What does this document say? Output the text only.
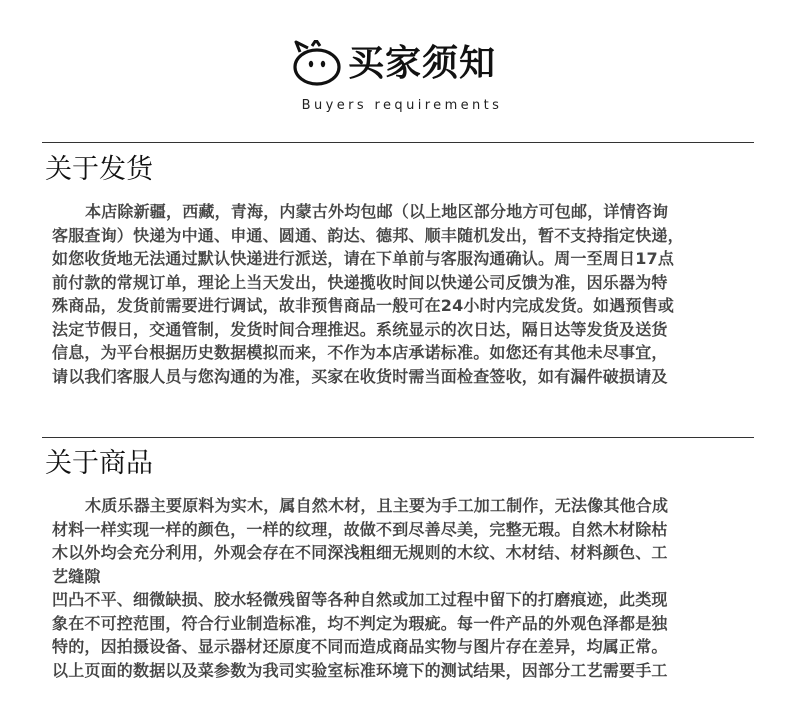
买家须知
Buyers requirements
关于发货
本店除新疆，西藏，青海，内蒙古外均包邮（以上地区部分地方可包邮，详情咨询
客服查询）快递为中通、申通、圆通、韵达、德邦、顺丰随机发出，暂不支持指定快递，
如您收货地无法通过默认快递进行派送，请在下单前与客服沟通确认。周一至周日17点
前付款的常规订单，理论上当天发出，快递揽收时间以快递公司反馈为准，因乐器为特
殊商品，发货前需要进行调试，故非预售商品一般可在24小时内完成发货。如遇预售或
法定节假日，交通管制，发货时间合理推迟。系统显示的次日达，隔日达等发货及送货
信息，为平台根据历史数据模拟而来，不作为本店承诺标准。如您还有其他未尽事宜，
请以我们客服人员与您沟通的为准，买家在收货时需当面检查签收，如有漏件破损请及
关于商品
木质乐器主要原料为实木，属自然木材，且主要为手工加工制作，无法像其他合成
材料一样实现一样的颜色，一样的纹理，故做不到尽善尽美，完整无瑕。自然木材除枯
木以外均会充分利用，外观会存在不同深浅粗细无规则的木纹、木材结、材料颜色、工
艺缝隙
凹凸不平、细微缺损、胶水轻微残留等各种自然或加工过程中留下的打磨痕迹，此类现
象在不可控范围，符合行业制造标准，均不判定为瑕疵。每一件产品的外观色泽都是独
特的，因拍摄设备、显示器材还原度不同而造成商品实物与图片存在差异，均属正常。
以上页面的数据以及菜参数为我司实验室标准环境下的测试结果，因部分工艺需要手工
